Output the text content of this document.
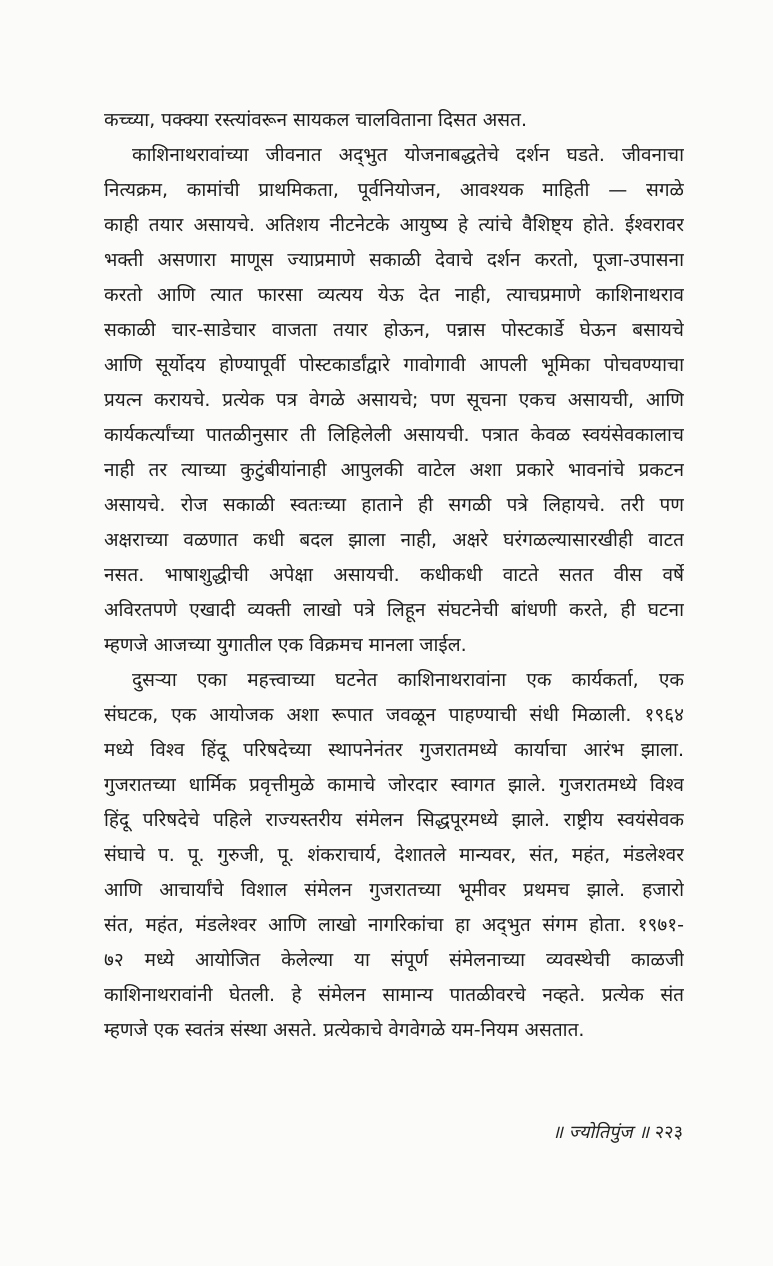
कच्च्या, पक्क्या रस्त्यांवरून सायकल चालविताना दिसत असत.
काशिनाथरावांच्या जीवनात अद्‌भुत योजनाबद्धतेचे दर्शन घडते. जीवनाचा
नित्यक्रम, कामांची प्राथमिकता, पूर्वनियोजन, आवश्यक माहिती — सगळे
काही तयार असायचे. अतिशय नीटनेटके आयुष्य हे त्यांचे वैशिष्ट्य होते. ईश्वरावर
भक्ती असणारा माणूस ज्याप्रमाणे सकाळी देवाचे दर्शन करतो, पूजा-उपासना
करतो आणि त्यात फारसा व्यत्यय येऊ देत नाही, त्याचप्रमाणे काशिनाथराव
सकाळी चार-साडेचार वाजता तयार होऊन, पन्नास पोस्टकार्डे घेऊन बसायचे
आणि सूर्योदय होण्यापूर्वी पोस्टकार्डांद्वारे गावोगावी आपली भूमिका पोचवण्याचा
प्रयत्न करायचे. प्रत्येक पत्र वेगळे असायचे; पण सूचना एकच असायची, आणि
कार्यकर्त्यांच्या पातळीनुसार ती लिहिलेली असायची. पत्रात केवळ स्वयंसेवकालाच
नाही तर त्याच्या कुटुंबीयांनाही आपुलकी वाटेल अशा प्रकारे भावनांचे प्रकटन
असायचे. रोज सकाळी स्वतःच्या हाताने ही सगळी पत्रे लिहायचे. तरी पण
अक्षराच्या वळणात कधी बदल झाला नाही, अक्षरे घरंगळल्यासारखीही वाटत
नसत. भाषाशुद्धीची अपेक्षा असायची. कधीकधी वाटते सतत वीस वर्षे
अविरतपणे एखादी व्यक्ती लाखो पत्रे लिहून संघटनेची बांधणी करते, ही घटना
म्हणजे आजच्या युगातील एक विक्रमच मानला जाईल.
दुसऱ्या एका महत्त्वाच्या घटनेत काशिनाथरावांना एक कार्यकर्ता, एक
संघटक, एक आयोजक अशा रूपात जवळून पाहण्याची संधी मिळाली. १९६४
मध्ये विश्व हिंदू परिषदेच्या स्थापनेनंतर गुजरातमध्ये कार्याचा आरंभ झाला.
गुजरातच्या धार्मिक प्रवृत्तीमुळे कामाचे जोरदार स्वागत झाले. गुजरातमध्ये विश्व
हिंदू परिषदेचे पहिले राज्यस्तरीय संमेलन सिद्धपूरमध्ये झाले. राष्ट्रीय स्वयंसेवक
संघाचे प. पू. गुरुजी, पू. शंकराचार्य, देशातले मान्यवर, संत, महंत, मंडलेश्वर
आणि आचार्यांचे विशाल संमेलन गुजरातच्या भूमीवर प्रथमच झाले. हजारो
संत, महंत, मंडलेश्वर आणि लाखो नागरिकांचा हा अद्‌भुत संगम होता. १९७१-
७२ मध्ये आयोजित केलेल्या या संपूर्ण संमेलनाच्या व्यवस्थेची काळजी
काशिनाथरावांनी घेतली. हे संमेलन सामान्य पातळीवरचे नव्हते. प्रत्येक संत
म्हणजे एक स्वतंत्र संस्था असते. प्रत्येकाचे वेगवेगळे यम-नियम असतात.
॥ ज्योतिपुंज ॥ २२३
